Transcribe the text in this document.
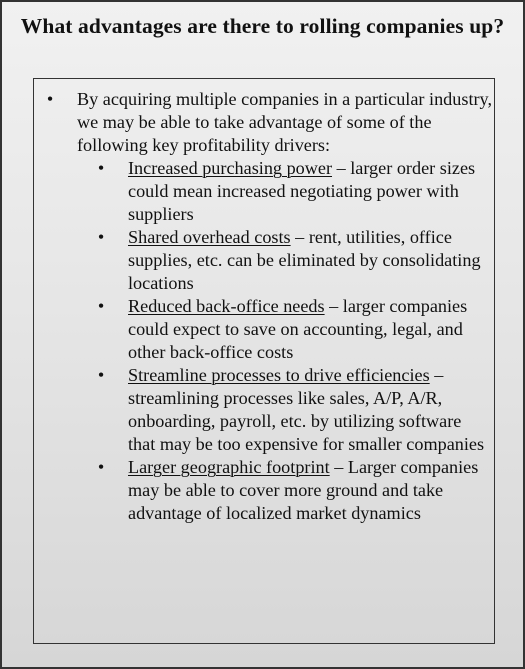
What advantages are there to rolling companies up?
• By acquiring multiple companies in a particular industry, we may be able to take advantage of some of the following key profitability drivers:
• Increased purchasing power – larger order sizes could mean increased negotiating power with suppliers
• Shared overhead costs – rent, utilities, office supplies, etc. can be eliminated by consolidating locations
• Reduced back-office needs – larger companies could expect to save on accounting, legal, and other back-office costs
• Streamline processes to drive efficiencies – streamlining processes like sales, A/P, A/R, onboarding, payroll, etc. by utilizing software that may be too expensive for smaller companies
• Larger geographic footprint – Larger companies may be able to cover more ground and take advantage of localized market dynamics
